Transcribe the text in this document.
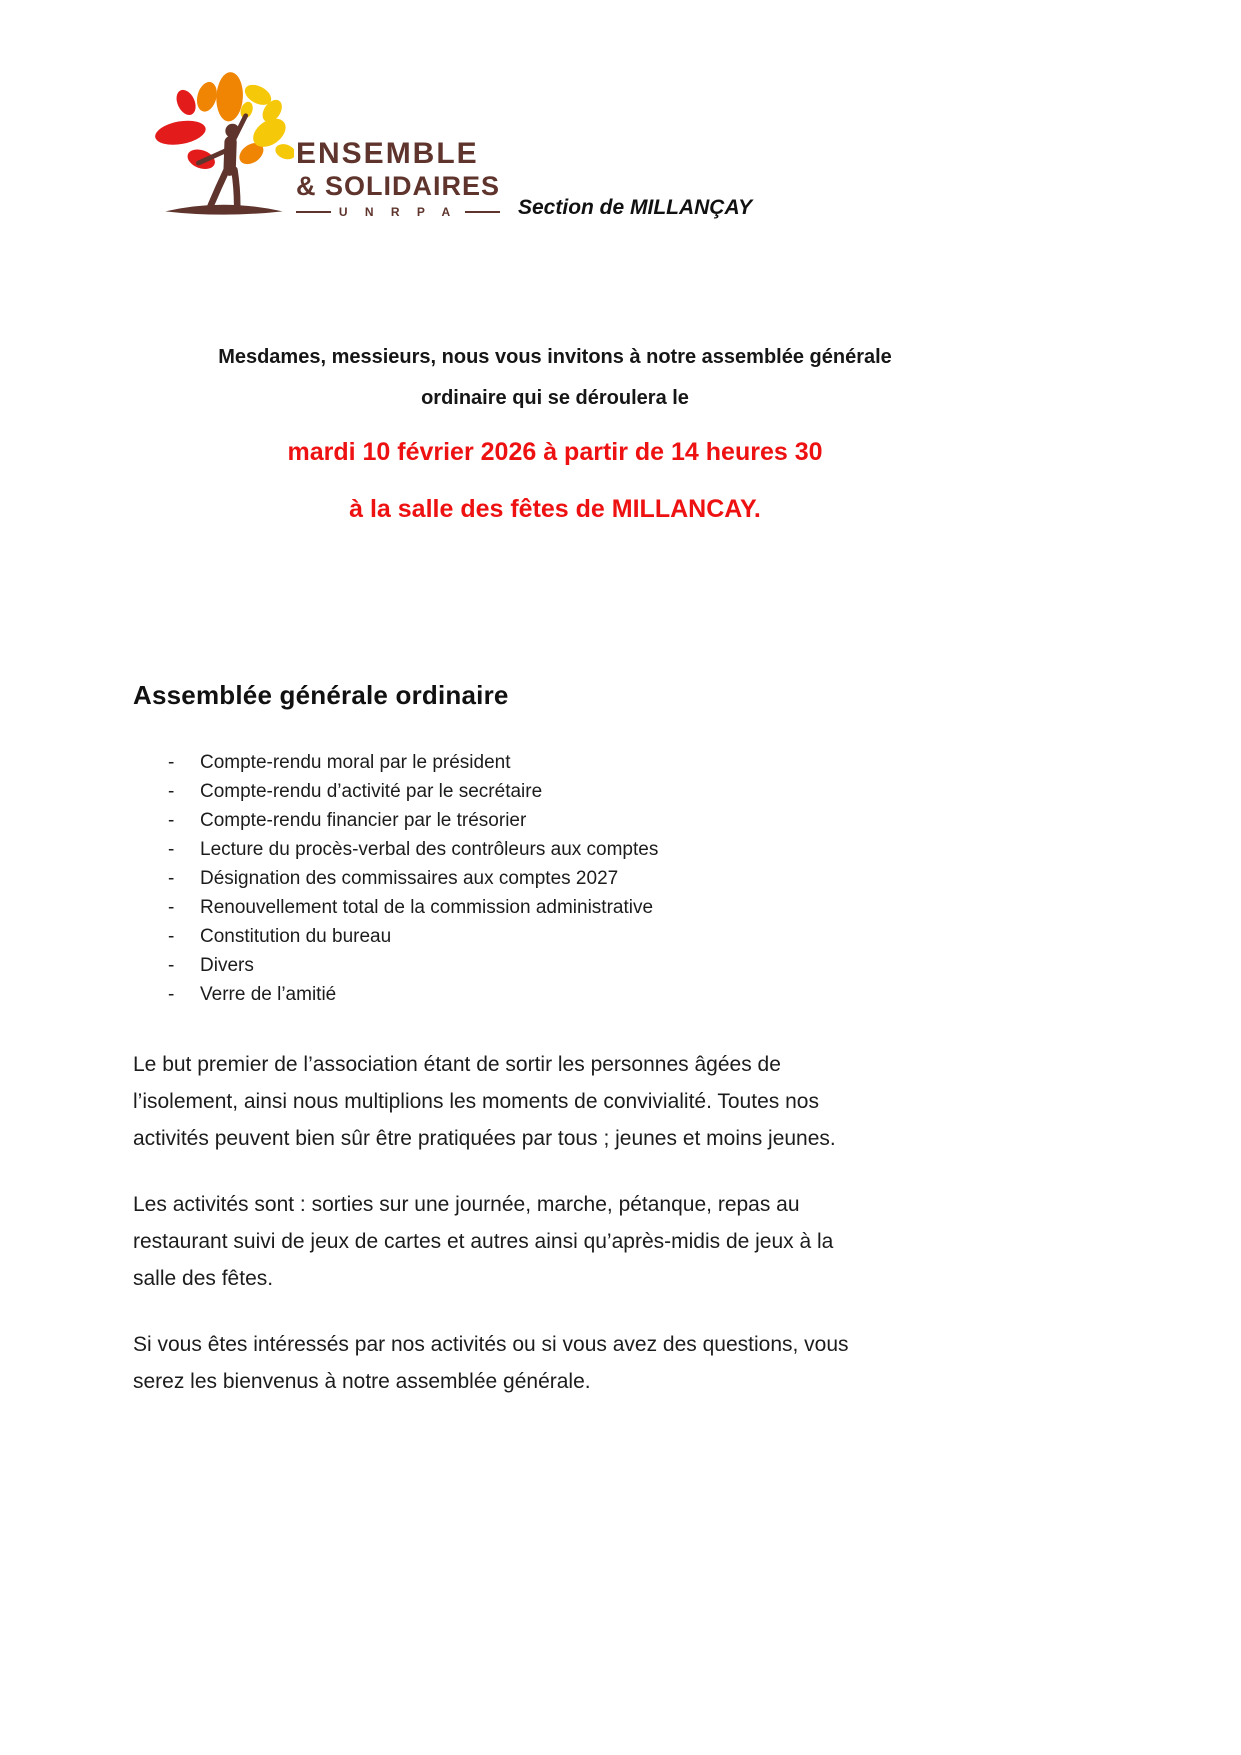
ENSEMBLE
& SOLIDAIRES
U N R P A	Section de MILLANÇAY
Mesdames, messieurs, nous vous invitons à notre assemblée générale
ordinaire qui se déroulera le
mardi 10 février 2026 à partir de 14 heures 30
à la salle des fêtes de MILLANCAY.
Assemblée générale ordinaire
-	Compte-rendu moral par le président
-	Compte-rendu d’activité par le secrétaire
-	Compte-rendu financier par le trésorier
-	Lecture du procès-verbal des contrôleurs aux comptes
-	Désignation des commissaires aux comptes 2027
-	Renouvellement total de la commission administrative
-	Constitution du bureau
-	Divers
-	Verre de l’amitié
Le but premier de l’association étant de sortir les personnes âgées de
l’isolement, ainsi nous multiplions les moments de convivialité. Toutes nos
activités peuvent bien sûr être pratiquées par tous ; jeunes et moins jeunes.
Les activités sont : sorties sur une journée, marche, pétanque, repas au
restaurant suivi de jeux de cartes et autres ainsi qu’après-midis de jeux à la
salle des fêtes.
Si vous êtes intéressés par nos activités ou si vous avez des questions, vous
serez les bienvenus à notre assemblée générale.
